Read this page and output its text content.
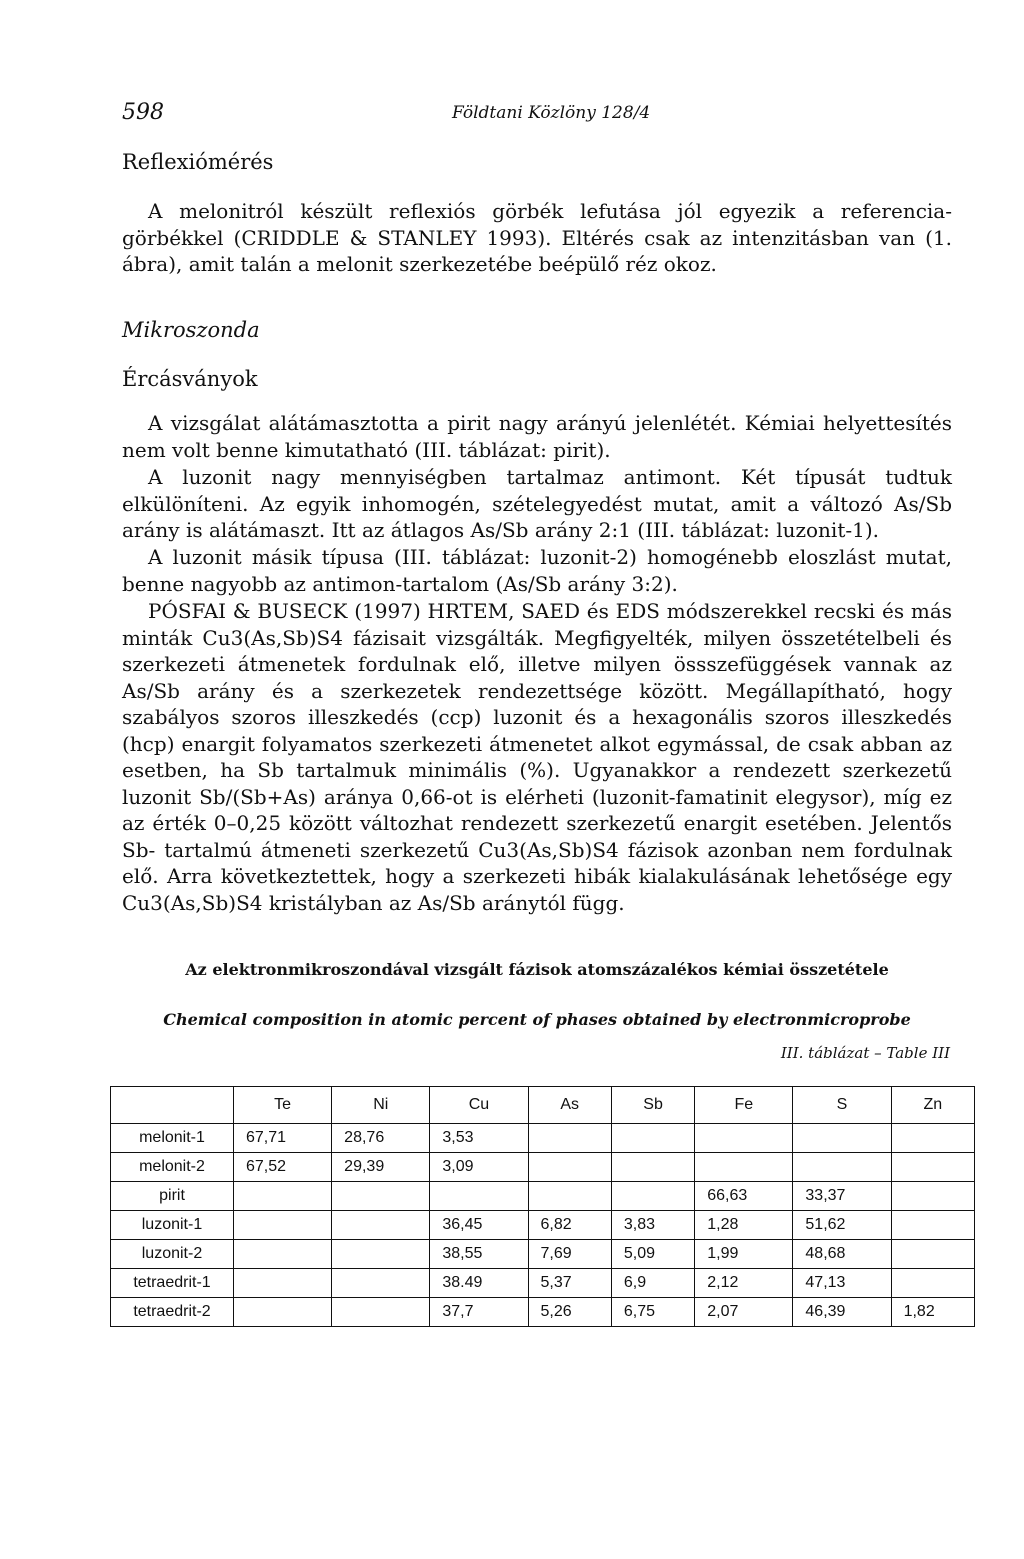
598	Földtani Közlöny 128/4
Reflexiómérés

A melonitról készült reflexiós görbék lefutása jól egyezik a referencia-görbékkel (CRIDDLE & STANLEY 1993). Eltérés csak az intenzitásban van (1. ábra), amit talán a melonit szerkezetébe beépülő réz okoz.

Mikroszonda
Ércásványok

A vizsgálat alátámasztotta a pirit nagy arányú jelenlétét. Kémiai helyettesítés nem volt benne kimutatható (III. táblázat: pirit).

A luzonit nagy mennyiségben tartalmaz antimont. Két típusát tudtuk elkülöníteni. Az egyik inhomogén, szételegyedést mutat, amit a változó As/Sb arány is alátámaszt. Itt az átlagos As/Sb arány 2:1 (III. táblázat: luzonit-1).

A luzonit másik típusa (III. táblázat: luzonit-2) homogénebb eloszlást mutat, benne nagyobb az antimon-tartalom (As/Sb arány 3:2).

PÓSFAI & BUSECK (1997) HRTEM, SAED és EDS módszerekkel recski és más minták Cu3(As,Sb)S4 fázisait vizsgálták. Megfigyelték, milyen összetételbeli és szerkezeti átmenetek fordulnak elő, illetve milyen össszefüggések vannak az As/Sb arány és a szerkezetek rendezettsége között. Megállapítható, hogy szabályos szoros illeszkedés (ccp) luzonit és a hexagonális szoros illeszkedés (hcp) enargit folyamatos szerkezeti átmenetet alkot egymással, de csak abban az esetben, ha Sb tartalmuk minimális (%). Ugyanakkor a rendezett szerkezetű luzonit Sb/(Sb+As) aránya 0,66-ot is elérheti (luzonit-famatinit elegysor), míg ez az érték 0–0,25 között változhat rendezett szerkezetű enargit esetében. Jelentős Sb- tartalmú átmeneti szerkezetű Cu3(As,Sb)S4 fázisok azonban nem fordulnak elő. Arra következtettek, hogy a szerkezeti hibák kialakulásának lehetősége egy Cu3(As,Sb)S4 kristályban az As/Sb aránytól függ.

Az elektronmikroszondával vizsgált fázisok atomszázalékos kémiai összetétele
Chemical composition in atomic percent of phases obtained by electronmicroprobe
III. táblázat – Table III
	Te	Ni	Cu	As	Sb	Fe	S	Zn
melonit-1	67,71	28,76	3,53					
melonit-2	67,52	29,39	3,09					
pirit						66,63	33,37	
luzonit-1			36,45	6,82	3,83	1,28	51,62	
luzonit-2			38,55	7,69	5,09	1,99	48,68	
tetraedrit-1			38.49	5,37	6,9	2,12	47,13	
tetraedrit-2			37,7	5,26	6,75	2,07	46,39	1,82
